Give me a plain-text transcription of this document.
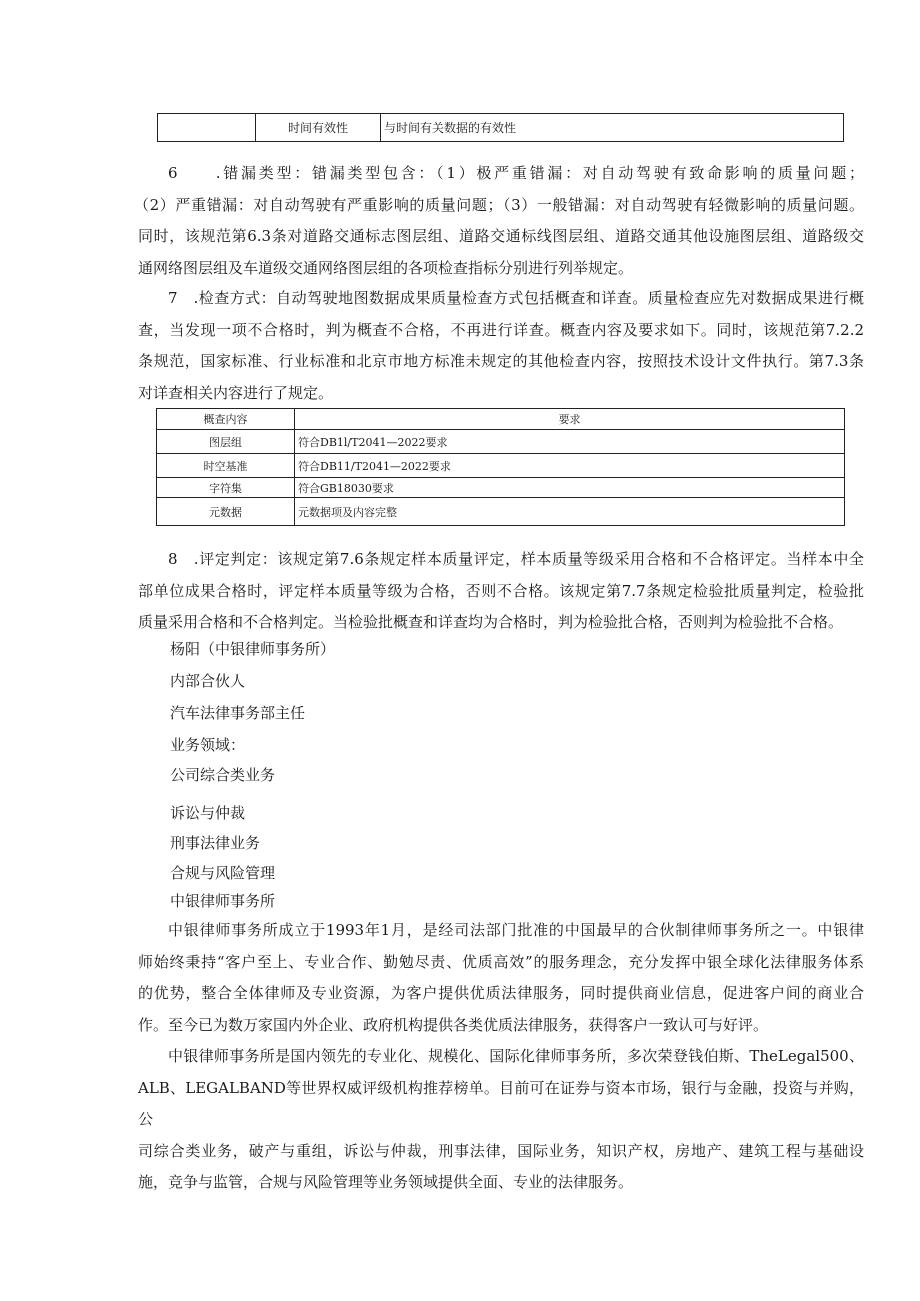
	时间有效性	与时间有关数据的有效性
6　　.错漏类型：错漏类型包含：（1）极严重错漏：对自动驾驶有致命影响的质量问题；
（2）严重错漏：对自动驾驶有严重影响的质量问题；（3）一般错漏：对自动驾驶有轻微影响的质量问题。
同时，该规范第6.3条对道路交通标志图层组、道路交通标线图层组、道路交通其他设施图层组、道路级交
通网络图层组及车道级交通网络图层组的各项检查指标分别进行列举规定。
7　.检查方式：自动驾驶地图数据成果质量检查方式包括概查和详查。质量检查应先对数据成果进行概
查，当发现一项不合格时，判为概查不合格，不再进行详查。概查内容及要求如下。同时，该规范第7.2.2
条规范，国家标准、行业标准和北京市地方标准未规定的其他检查内容，按照技术设计文件执行。第7.3条
对详查相关内容进行了规定。
概查内容	要求
图层组	符合DB1l/T2041—2022要求
时空基准	符合DB11/T2041—2022要求
字符集	符合GB18030要求
元数据	元数据项及内容完整
8　.评定判定：该规定第7.6条规定样本质量评定，样本质量等级采用合格和不合格评定。当样本中全
部单位成果合格时，评定样本质量等级为合格，否则不合格。该规定第7.7条规定检验批质量判定，检验批
质量采用合格和不合格判定。当检验批概查和详查均为合格时，判为检验批合格，否则判为检验批不合格。

杨阳（中银律师事务所）

内部合伙人

汽车法律事务部主任

业务领域：

公司综合类业务

诉讼与仲裁

刑事法律业务

合规与风险管理

中银律师事务所

中银律师事务所成立于1993年1月，是经司法部门批准的中国最早的合伙制律师事务所之一。中银律
师始终秉持“客户至上、专业合作、勤勉尽责、优质高效”的服务理念，充分发挥中银全球化法律服务体系
的优势，整合全体律师及专业资源，为客户提供优质法律服务，同时提供商业信息，促进客户间的商业合
作。至今已为数万家国内外企业、政府机构提供各类优质法律服务，获得客户一致认可与好评。
中银律师事务所是国内领先的专业化、规模化、国际化律师事务所，多次荣登钱伯斯、TheLegal500、
ALB、LEGALBAND等世界权威评级机构推荐榜单。目前可在证券与资本市场，银行与金融，投资与并购，公
司综合类业务，破产与重组，诉讼与仲裁，刑事法律，国际业务，知识产权，房地产、建筑工程与基础设
施，竞争与监管，合规与风险管理等业务领域提供全面、专业的法律服务。
